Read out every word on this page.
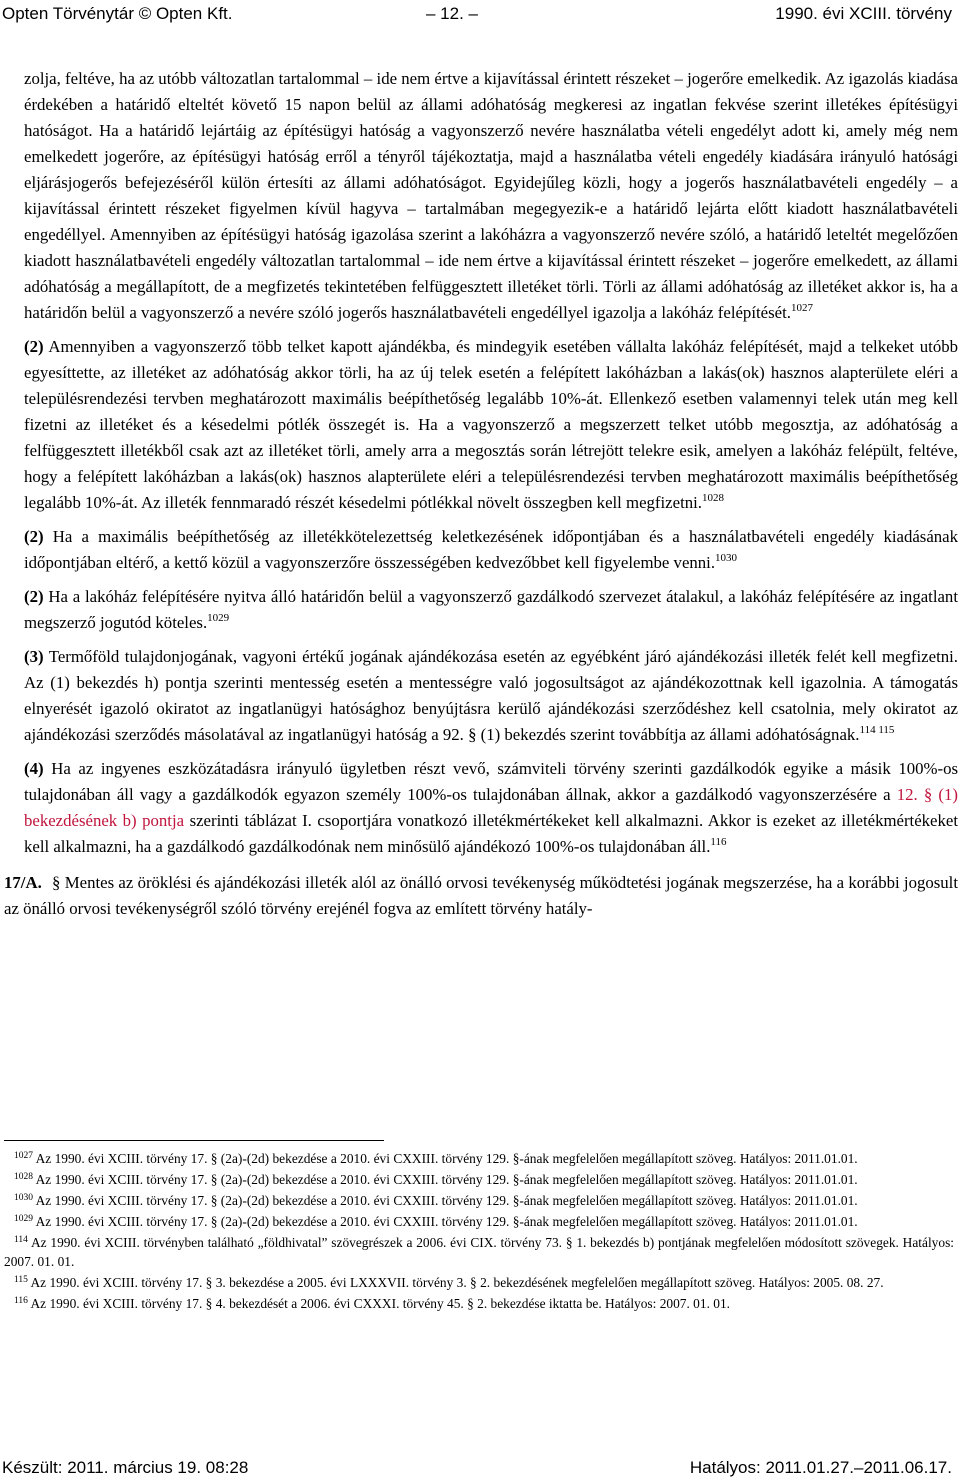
Opten Törvénytár © Opten Kft.	– 12. –	1990. évi XCIII. törvény

zolja, feltéve, ha az utóbb változatlan tartalommal – ide nem értve a kijavítással érintett részeket – jogerőre emelkedik. Az igazolás kiadása érdekében a határidő elteltét követő 15 napon belül az állami adóhatóság megkeresi az ingatlan fekvése szerint illetékes építésügyi hatóságot. Ha a határidő lejártáig az építésügyi hatóság a vagyonszerző nevére használatba vételi engedélyt adott ki, amely még nem emelkedett jogerőre, az építésügyi hatóság erről a tényről tájékoztatja, majd a használatba vételi engedély kiadására irányuló hatósági eljárásjogerős befejezéséről külön értesíti az állami adóhatóságot. Egyidejűleg közli, hogy a jogerős használatbavételi engedély – a kijavítással érintett részeket figyelmen kívül hagyva – tartalmában megegyezik-e a határidő lejárta előtt kiadott használatbavételi engedéllyel. Amennyiben az építésügyi hatóság igazolása szerint a lakóházra a vagyonszerző nevére szóló, a határidő leteltét megelőzően kiadott használatbavételi engedély változatlan tartalommal – ide nem értve a kijavítással érintett részeket – jogerőre emelkedett, az állami adóhatóság a megállapított, de a megfizetés tekintetében felfüggesztett illetéket törli. Törli az állami adóhatóság az illetéket akkor is, ha a határidőn belül a vagyonszerző a nevére szóló jogerős használatbavételi engedéllyel igazolja a lakóház felépítését.$^{1027}$

(2) Amennyiben a vagyonszerző több telket kapott ajándékba, és mindegyik esetében vállalta lakóház felépítését, majd a telkeket utóbb egyesíttette, az illetéket az adóhatóság akkor törli, ha az új telek esetén a felépített lakóházban a lakás(ok) hasznos alapterülete eléri a településrendezési tervben meghatározott maximális beépíthetőség legalább 10%-át. Ellenkező esetben valamennyi telek után meg kell fizetni az illetéket és a késedelmi pótlék összegét is. Ha a vagyonszerző a megszerzett telket utóbb megosztja, az adóhatóság a felfüggesztett illetékből csak azt az illetéket törli, amely arra a megosztás során létrejött telekre esik, amelyen a lakóház felépült, feltéve, hogy a felépített lakóházban a lakás(ok) hasznos alapterülete eléri a településrendezési tervben meghatározott maximális beépíthetőség legalább 10%-át. Az illeték fennmaradó részét késedelmi pótlékkal növelt összegben kell megfizetni.$^{1028}$

(2) Ha a maximális beépíthetőség az illetékkötelezettség keletkezésének időpontjában és a használatbavételi engedély kiadásának időpontjában eltérő, a kettő közül a vagyonszerzőre összességében kedvezőbbet kell figyelembe venni.$^{1030}$

(2) Ha a lakóház felépítésére nyitva álló határidőn belül a vagyonszerző gazdálkodó szervezet átalakul, a lakóház felépítésére az ingatlant megszerző jogutód köteles.$^{1029}$

(3) Termőföld tulajdonjogának, vagyoni értékű jogának ajándékozása esetén az egyébként járó ajándékozási illeték felét kell megfizetni. Az (1) bekezdés h) pontja szerinti mentesség esetén a mentességre való jogosultságot az ajándékozottnak kell igazolnia. A támogatás elnyerését igazoló okiratot az ingatlanügyi hatósághoz benyújtásra kerülő ajándékozási szerződéshez kell csatolnia, mely okiratot az ajándékozási szerződés másolatával az ingatlanügyi hatóság a 92. § (1) bekezdés szerint továbbítja az állami adóhatóságnak.$^{114 115}$

(4) Ha az ingyenes eszközátadásra irányuló ügyletben részt vevő, számviteli törvény szerinti gazdálkodók egyike a másik 100%-os tulajdonában áll vagy a gazdálkodók egyazon személy 100%-os tulajdonában állnak, akkor a gazdálkodó vagyonszerzésére a 12. § (1) bekezdésének b) pontja szerinti táblázat I. csoportjára vonatkozó illetékmértékeket kell alkalmazni. Akkor is ezeket az illetékmértékeket kell alkalmazni, ha a gazdálkodó gazdálkodónak nem minősülő ajándékozó 100%-os tulajdonában áll.$^{116}$

17/A. § Mentes az öröklési és ajándékozási illeték alól az önálló orvosi tevékenység működtetési jogának megszerzése, ha a korábbi jogosult az önálló orvosi tevékenységről szóló törvény erejénél fogva az említett törvény hatály-

$^{1027}$ Az 1990. évi XCIII. törvény 17. § (2a)-(2d) bekezdése a 2010. évi CXXIII. törvény 129. §-ának megfelelően megállapított szöveg. Hatályos: 2011.01.01.

$^{1028}$ Az 1990. évi XCIII. törvény 17. § (2a)-(2d) bekezdése a 2010. évi CXXIII. törvény 129. §-ának megfelelően megállapított szöveg. Hatályos: 2011.01.01.

$^{1030}$ Az 1990. évi XCIII. törvény 17. § (2a)-(2d) bekezdése a 2010. évi CXXIII. törvény 129. §-ának megfelelően megállapított szöveg. Hatályos: 2011.01.01.

$^{1029}$ Az 1990. évi XCIII. törvény 17. § (2a)-(2d) bekezdése a 2010. évi CXXIII. törvény 129. §-ának megfelelően megállapított szöveg. Hatályos: 2011.01.01.

$^{114}$ Az 1990. évi XCIII. törvényben található „földhivatal” szövegrészek a 2006. évi CIX. törvény 73. § 1. bekezdés b) pontjának megfelelően módosított szövegek. Hatályos: 2007. 01. 01.

$^{115}$ Az 1990. évi XCIII. törvény 17. § 3. bekezdése a 2005. évi LXXXVII. törvény 3. § 2. bekezdésének megfelelően megállapított szöveg. Hatályos: 2005. 08. 27.

$^{116}$ Az 1990. évi XCIII. törvény 17. § 4. bekezdését a 2006. évi CXXXI. törvény 45. § 2. bekezdése iktatta be. Hatályos: 2007. 01. 01.

Készült: 2011. március 19. 08:28	Hatályos: 2011.01.27.–2011.06.17.
